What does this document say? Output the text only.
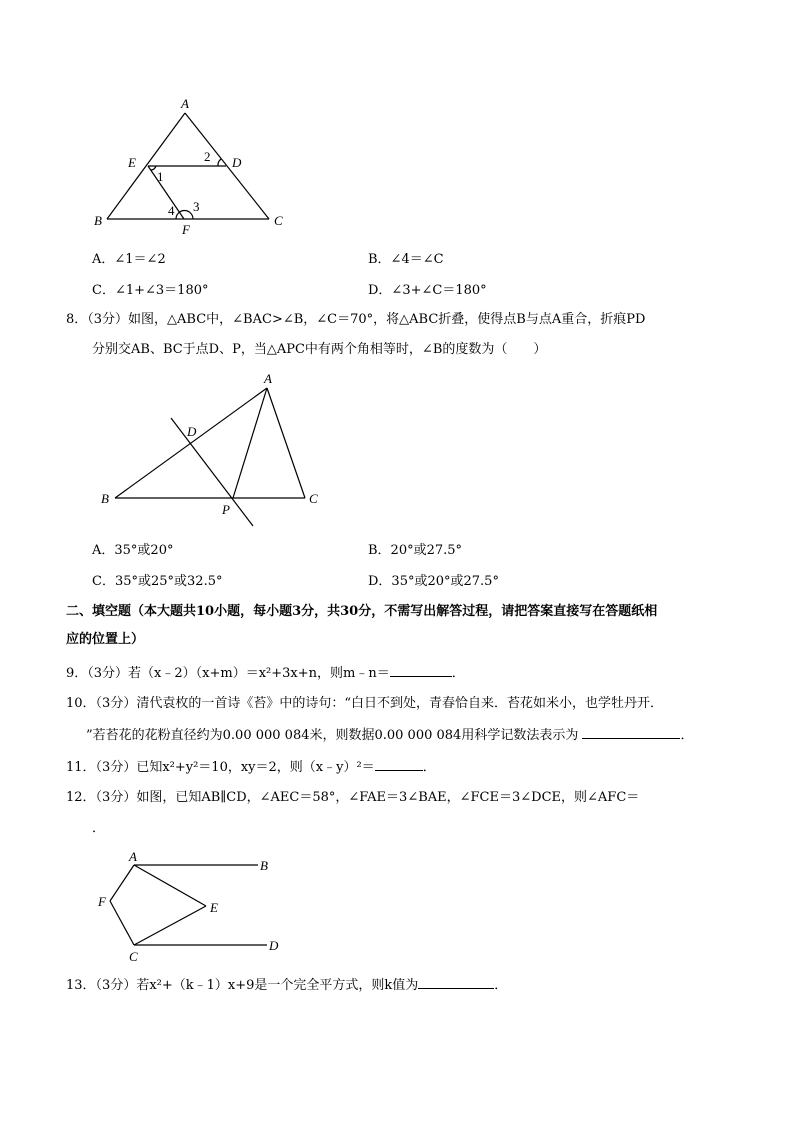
A
E	D
B	C
F
1
2
3
4
A．∠1＝∠2	B．∠4＝∠C
C．∠1+∠3＝180°	D．∠3+∠C＝180°
8．（3分）如图，△ABC中，∠BAC>∠B，∠C＝70°，将△ABC折叠，使得点B与点A重合，折痕PD
分别交AB、BC于点D、P，当△APC中有两个角相等时，∠B的度数为（　　）
A
D
B	C
P
A．35°或20°	B．20°或27.5°
C．35°或25°或32.5°	D．35°或20°或27.5°
二、填空题（本大题共10小题，每小题3分，共30分，不需写出解答过程，请把答案直接写在答题纸相
应的位置上）
9．（3分）若（x﹣2）（x+m）＝x²+3x+n，则m﹣n＝	．
10．（3分）清代袁枚的一首诗《苔》中的诗句：“白日不到处，青春恰自来．苔花如米小，也学牡丹开．
”若苔花的花粉直径约为0.00 000 084米，则数据0.00 000 084用科学记数法表示为	．
11．（3分）已知x²+y²＝10，xy＝2，则（x﹣y）²＝	．
12．（3分）如图，已知AB∥CD，∠AEC＝58°，∠FAE＝3∠BAE，∠FCE＝3∠DCE，则∠AFC＝
．
A
B
F	E
C
D
13．（3分）若x²+（k﹣1）x+9是一个完全平方式，则k值为	．
